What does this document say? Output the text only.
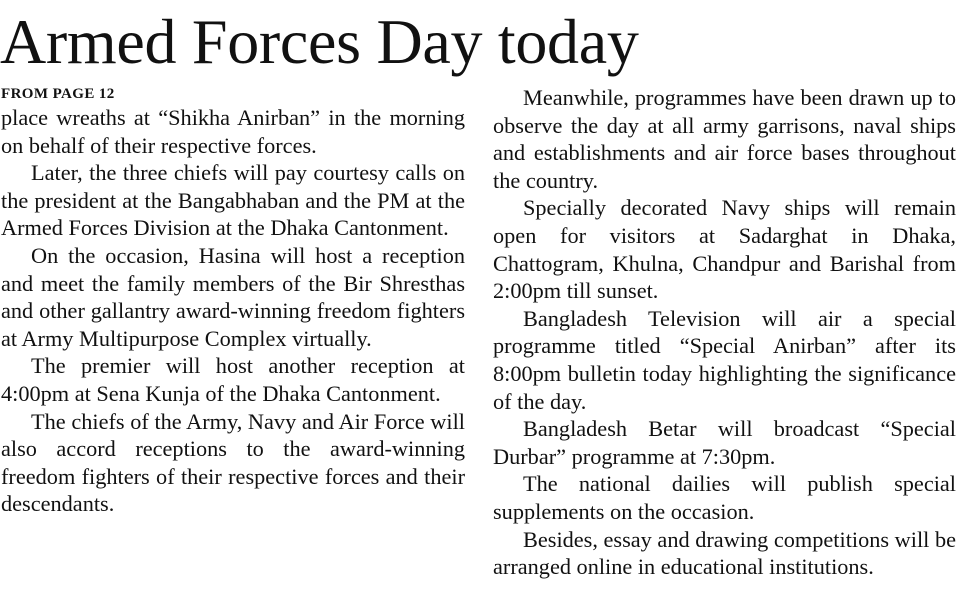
Armed Forces Day today
FROM PAGE 12

place wreaths at “Shikha Anirban” in the morning on behalf of their respective forces.

Later, the three chiefs will pay courtesy calls on the president at the Bangabhaban and the PM at the Armed Forces Division at the Dhaka Cantonment.

On the occasion, Hasina will host a reception and meet the family members of the Bir Shresthas and other gallantry award-winning freedom fighters at Army Multipurpose Complex virtually.

The premier will host another reception at 4:00pm at Sena Kunja of the Dhaka Cantonment.

The chiefs of the Army, Navy and Air Force will also accord receptions to the award-winning freedom fighters of their respective forces and their descendants.

Meanwhile, programmes have been drawn up to observe the day at all army garrisons, naval ships and establishments and air force bases throughout the country.

Specially decorated Navy ships will remain open for visitors at Sadarghat in Dhaka, Chattogram, Khulna, Chandpur and Barishal from 2:00pm till sunset.

Bangladesh Television will air a special programme titled “Special Anirban” after its 8:00pm bulletin today highlighting the significance of the day.

Bangladesh Betar will broadcast “Special Durbar” programme at 7:30pm.

The national dailies will publish special supplements on the occasion.

Besides, essay and drawing competitions will be arranged online in educational institutions.
